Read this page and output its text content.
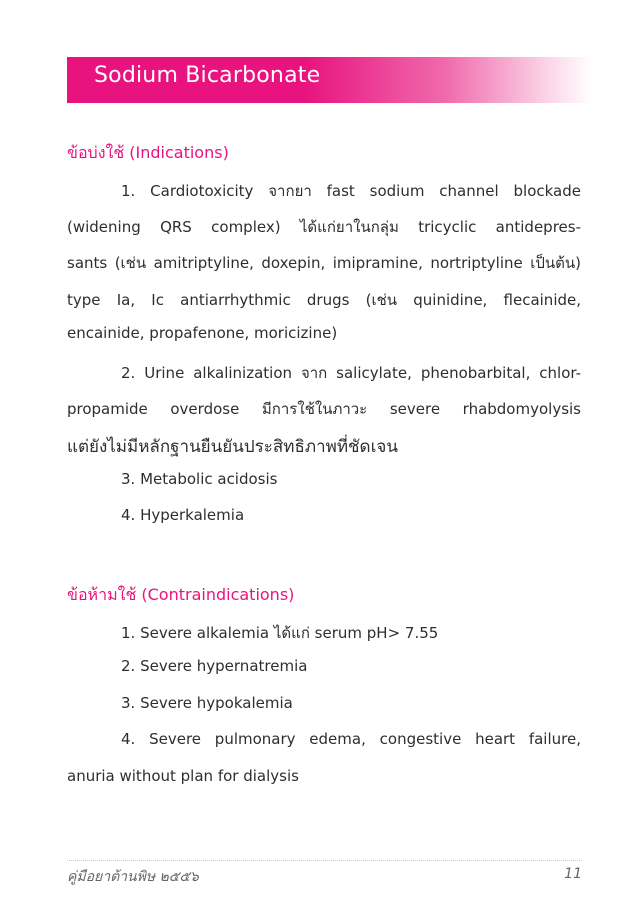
Sodium Bicarbonate
ข้อบ่งใช้ (Indications)
1. Cardiotoxicity จากยา fast sodium channel blockade
(widening QRS complex) ได้แก่ยาในกลุ่ม tricyclic antidepres-
sants (เช่น amitriptyline, doxepin, imipramine, nortriptyline เป็นต้น)
type Ia, Ic antiarrhythmic drugs (เช่น quinidine, flecainide,
encainide, propafenone, moricizine)
2. Urine alkalinization จาก salicylate, phenobarbital, chlor-
propamide overdose มีการใช้ในภาวะ severe rhabdomyolysis
แต่ยังไม่มีหลักฐานยืนยันประสิทธิภาพที่ชัดเจน
3. Metabolic acidosis
4. Hyperkalemia
ข้อห้ามใช้ (Contraindications)
1. Severe alkalemia ได้แก่ serum pH> 7.55
2. Severe hypernatremia
3. Severe hypokalemia
4. Severe pulmonary edema, congestive heart failure,
anuria without plan for dialysis
คู่มือยาต้านพิษ ๒๕๕๖	11
